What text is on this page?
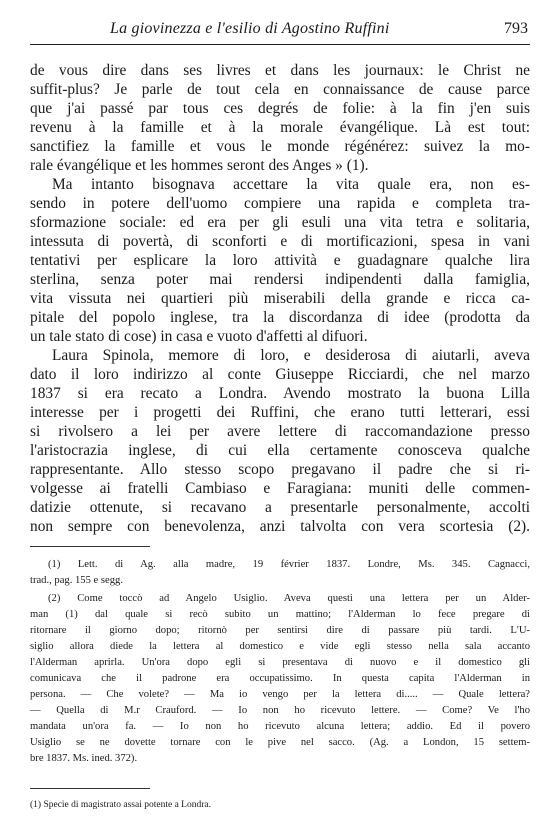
La giovinezza e l'esilio di Agostino Ruffini	793
de vous dire dans ses livres et dans les journaux: le Christ ne
suffit-plus? Je parle de tout cela en connaissance de cause parce
que j'ai passé par tous ces degrés de folie: à la fin j'en suis
revenu à la famille et à la morale évangélique. Là est tout:
sanctifiez la famille et vous le monde régénérez: suivez la mo-
rale évangélique et les hommes seront des Anges » (1).
Ma intanto bisognava accettare la vita quale era, non es-
sendo in potere dell'uomo compiere una rapida e completa tra-
sformazione sociale: ed era per gli esuli una vita tetra e solitaria,
intessuta di povertà, di sconforti e di mortificazioni, spesa in vani
tentativi per esplicare la loro attività e guadagnare qualche lira
sterlina, senza poter mai rendersi indipendenti dalla famiglia,
vita vissuta nei quartieri più miserabili della grande e ricca ca-
pitale del popolo inglese, tra la discordanza di idee (prodotta da
un tale stato di cose) in casa e vuoto d'affetti al difuori.
Laura Spinola, memore di loro, e desiderosa di aiutarli, aveva
dato il loro indirizzo al conte Giuseppe Ricciardi, che nel marzo
1837 si era recato a Londra. Avendo mostrato la buona Lilla
interesse per i progetti dei Ruffini, che erano tutti letterari, essi
si rivolsero a lei per avere lettere di raccomandazione presso
l'aristocrazia inglese, di cui ella certamente conosceva qualche
rappresentante. Allo stesso scopo pregavano il padre che si ri-
volgesse ai fratelli Cambiaso e Faragiana: muniti delle commen-
datizie ottenute, si recavano a presentarle personalmente, accolti
non sempre con benevolenza, anzi talvolta con vera scortesia (2).
(1) Lett. di Ag. alla madre, 19 février 1837. Londre, Ms. 345. Cagnacci,
trad., pag. 155 e segg.
(2) Come toccò ad Angelo Usiglio. Aveva questi una lettera per un Alder-
man (1) dal quale si recò subito un mattino; l'Alderman lo fece pregare di
ritornare il giorno dopo; ritornò per sentirsi dire di passare più tardi. L'U-
siglio allora diede la lettera al domestico e vide egli stesso nella sala accanto
l'Alderman aprirla. Un'ora dopo egli si presentava di nuovo e il domestico gli
comunicava che il padrone era occupatissimo. In questa capita l'Alderman in
persona. — Che volete? — Ma io vengo per la lettera di..... — Quale lettera?
— Quella di M.r Crauford. — Io non ho ricevuto lettere. — Come? Ve l'ho
mandata un'ora fa. — Io non ho ricevuto alcuna lettera; addio. Ed il povero
Usiglio se ne dovette tornare con le pive nel sacco. (Ag. a London, 15 settem-
bre 1837. Ms. ined. 372).
(1) Specie di magistrato assai potente a Londra.
